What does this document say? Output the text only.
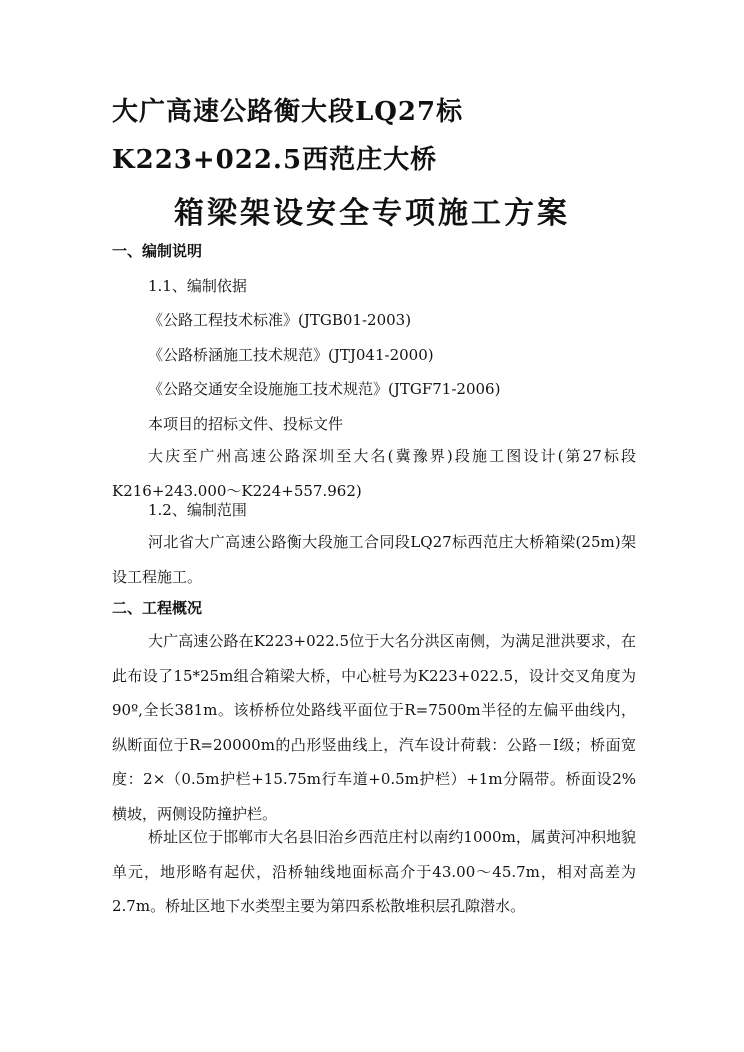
大广高速公路衡大段LQ27标K223+022.5西范庄大桥
箱梁架设安全专项施工方案
一、编制说明
1.1、编制依据
《公路工程技术标准》(JTGB01-2003)
《公路桥涵施工技术规范》(JTJ041-2000)
《公路交通安全设施施工技术规范》(JTGF71-2006)
本项目的招标文件、投标文件
大庆至广州高速公路深圳至大名(冀豫界)段施工图设计(第27标段K216+243.000～K224+557.962)
1.2、编制范围
河北省大广高速公路衡大段施工合同段LQ27标西范庄大桥箱梁(25m)架设工程施工。
二、工程概况
大广高速公路在K223+022.5位于大名分洪区南侧，为满足泄洪要求，在此布设了15*25m组合箱梁大桥，中心桩号为K223+022.5，设计交叉角度为90º,全长381m。该桥桥位处路线平面位于R=7500m半径的左偏平曲线内，纵断面位于R=20000m的凸形竖曲线上，汽车设计荷载：公路－Ⅰ级；桥面宽度：2×（0.5m护栏+15.75m行车道+0.5m护栏）+1m分隔带。桥面设2%横坡，两侧设防撞护栏。
桥址区位于邯郸市大名县旧治乡西范庄村以南约1000m，属黄河冲积地貌单元，地形略有起伏，沿桥轴线地面标高介于43.00～45.7m，相对高差为2.7m。桥址区地下水类型主要为第四系松散堆积层孔隙潜水。
